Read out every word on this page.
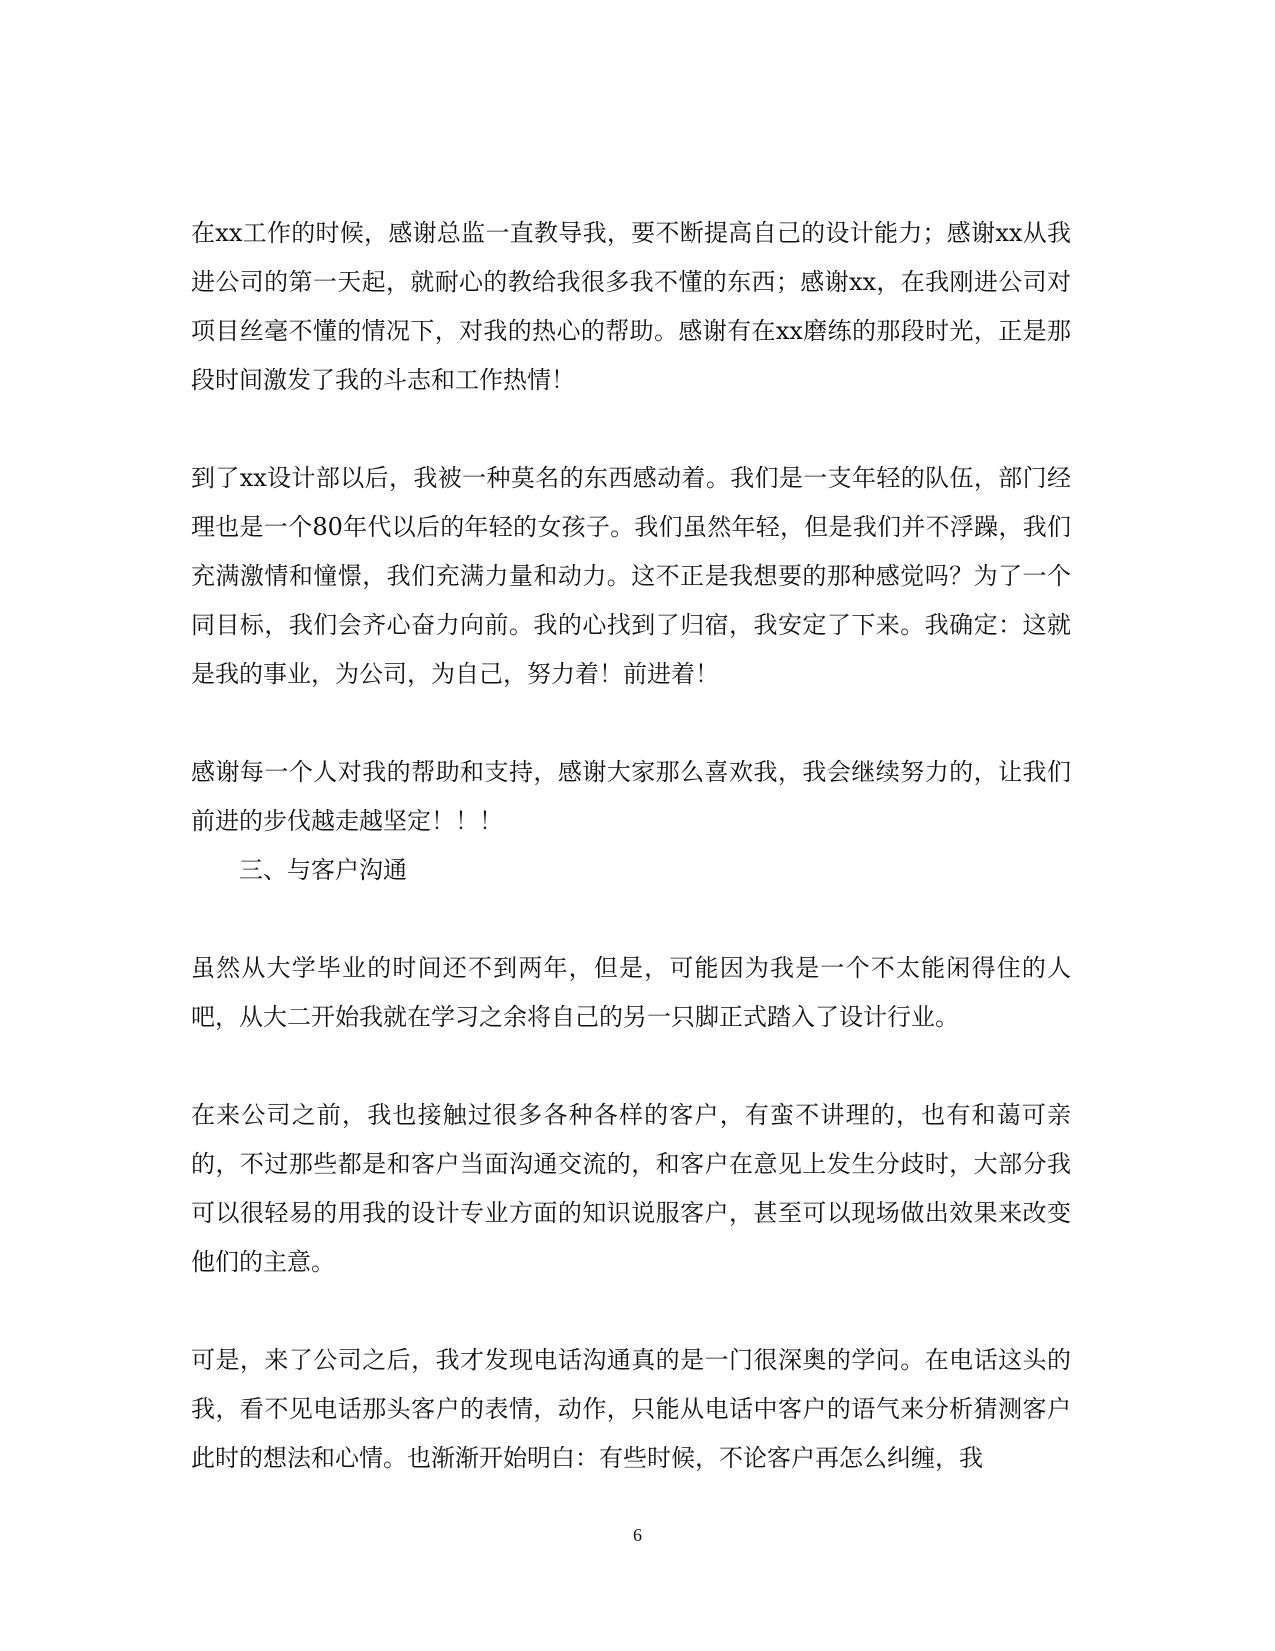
在xx工作的时候，感谢总监一直教导我，要不断提高自己的设计能力；感谢xx从我进公司的第一天起，就耐心的教给我很多我不懂的东西；感谢xx，在我刚进公司对项目丝毫不懂的情况下，对我的热心的帮助。感谢有在xx磨练的那段时光，正是那段时间激发了我的斗志和工作热情！

到了xx设计部以后，我被一种莫名的东西感动着。我们是一支年轻的队伍，部门经理也是一个80年代以后的年轻的女孩子。我们虽然年轻，但是我们并不浮躁，我们充满激情和憧憬，我们充满力量和动力。这不正是我想要的那种感觉吗？为了一个同目标，我们会齐心奋力向前。我的心找到了归宿，我安定了下来。我确定：这就是我的事业，为公司，为自己，努力着！前进着！

感谢每一个人对我的帮助和支持，感谢大家那么喜欢我，我会继续努力的，让我们前进的步伐越走越坚定！！！

三、与客户沟通

虽然从大学毕业的时间还不到两年，但是，可能因为我是一个不太能闲得住的人吧，从大二开始我就在学习之余将自己的另一只脚正式踏入了设计行业。

在来公司之前，我也接触过很多各种各样的客户，有蛮不讲理的，也有和蔼可亲的，不过那些都是和客户当面沟通交流的，和客户在意见上发生分歧时，大部分我可以很轻易的用我的设计专业方面的知识说服客户，甚至可以现场做出效果来改变他们的主意。

可是，来了公司之后，我才发现电话沟通真的是一门很深奥的学问。在电话这头的我，看不见电话那头客户的表情，动作，只能从电话中客户的语气来分析猜测客户此时的想法和心情。也渐渐开始明白：有些时候，不论客户再怎么纠缠，我

6
